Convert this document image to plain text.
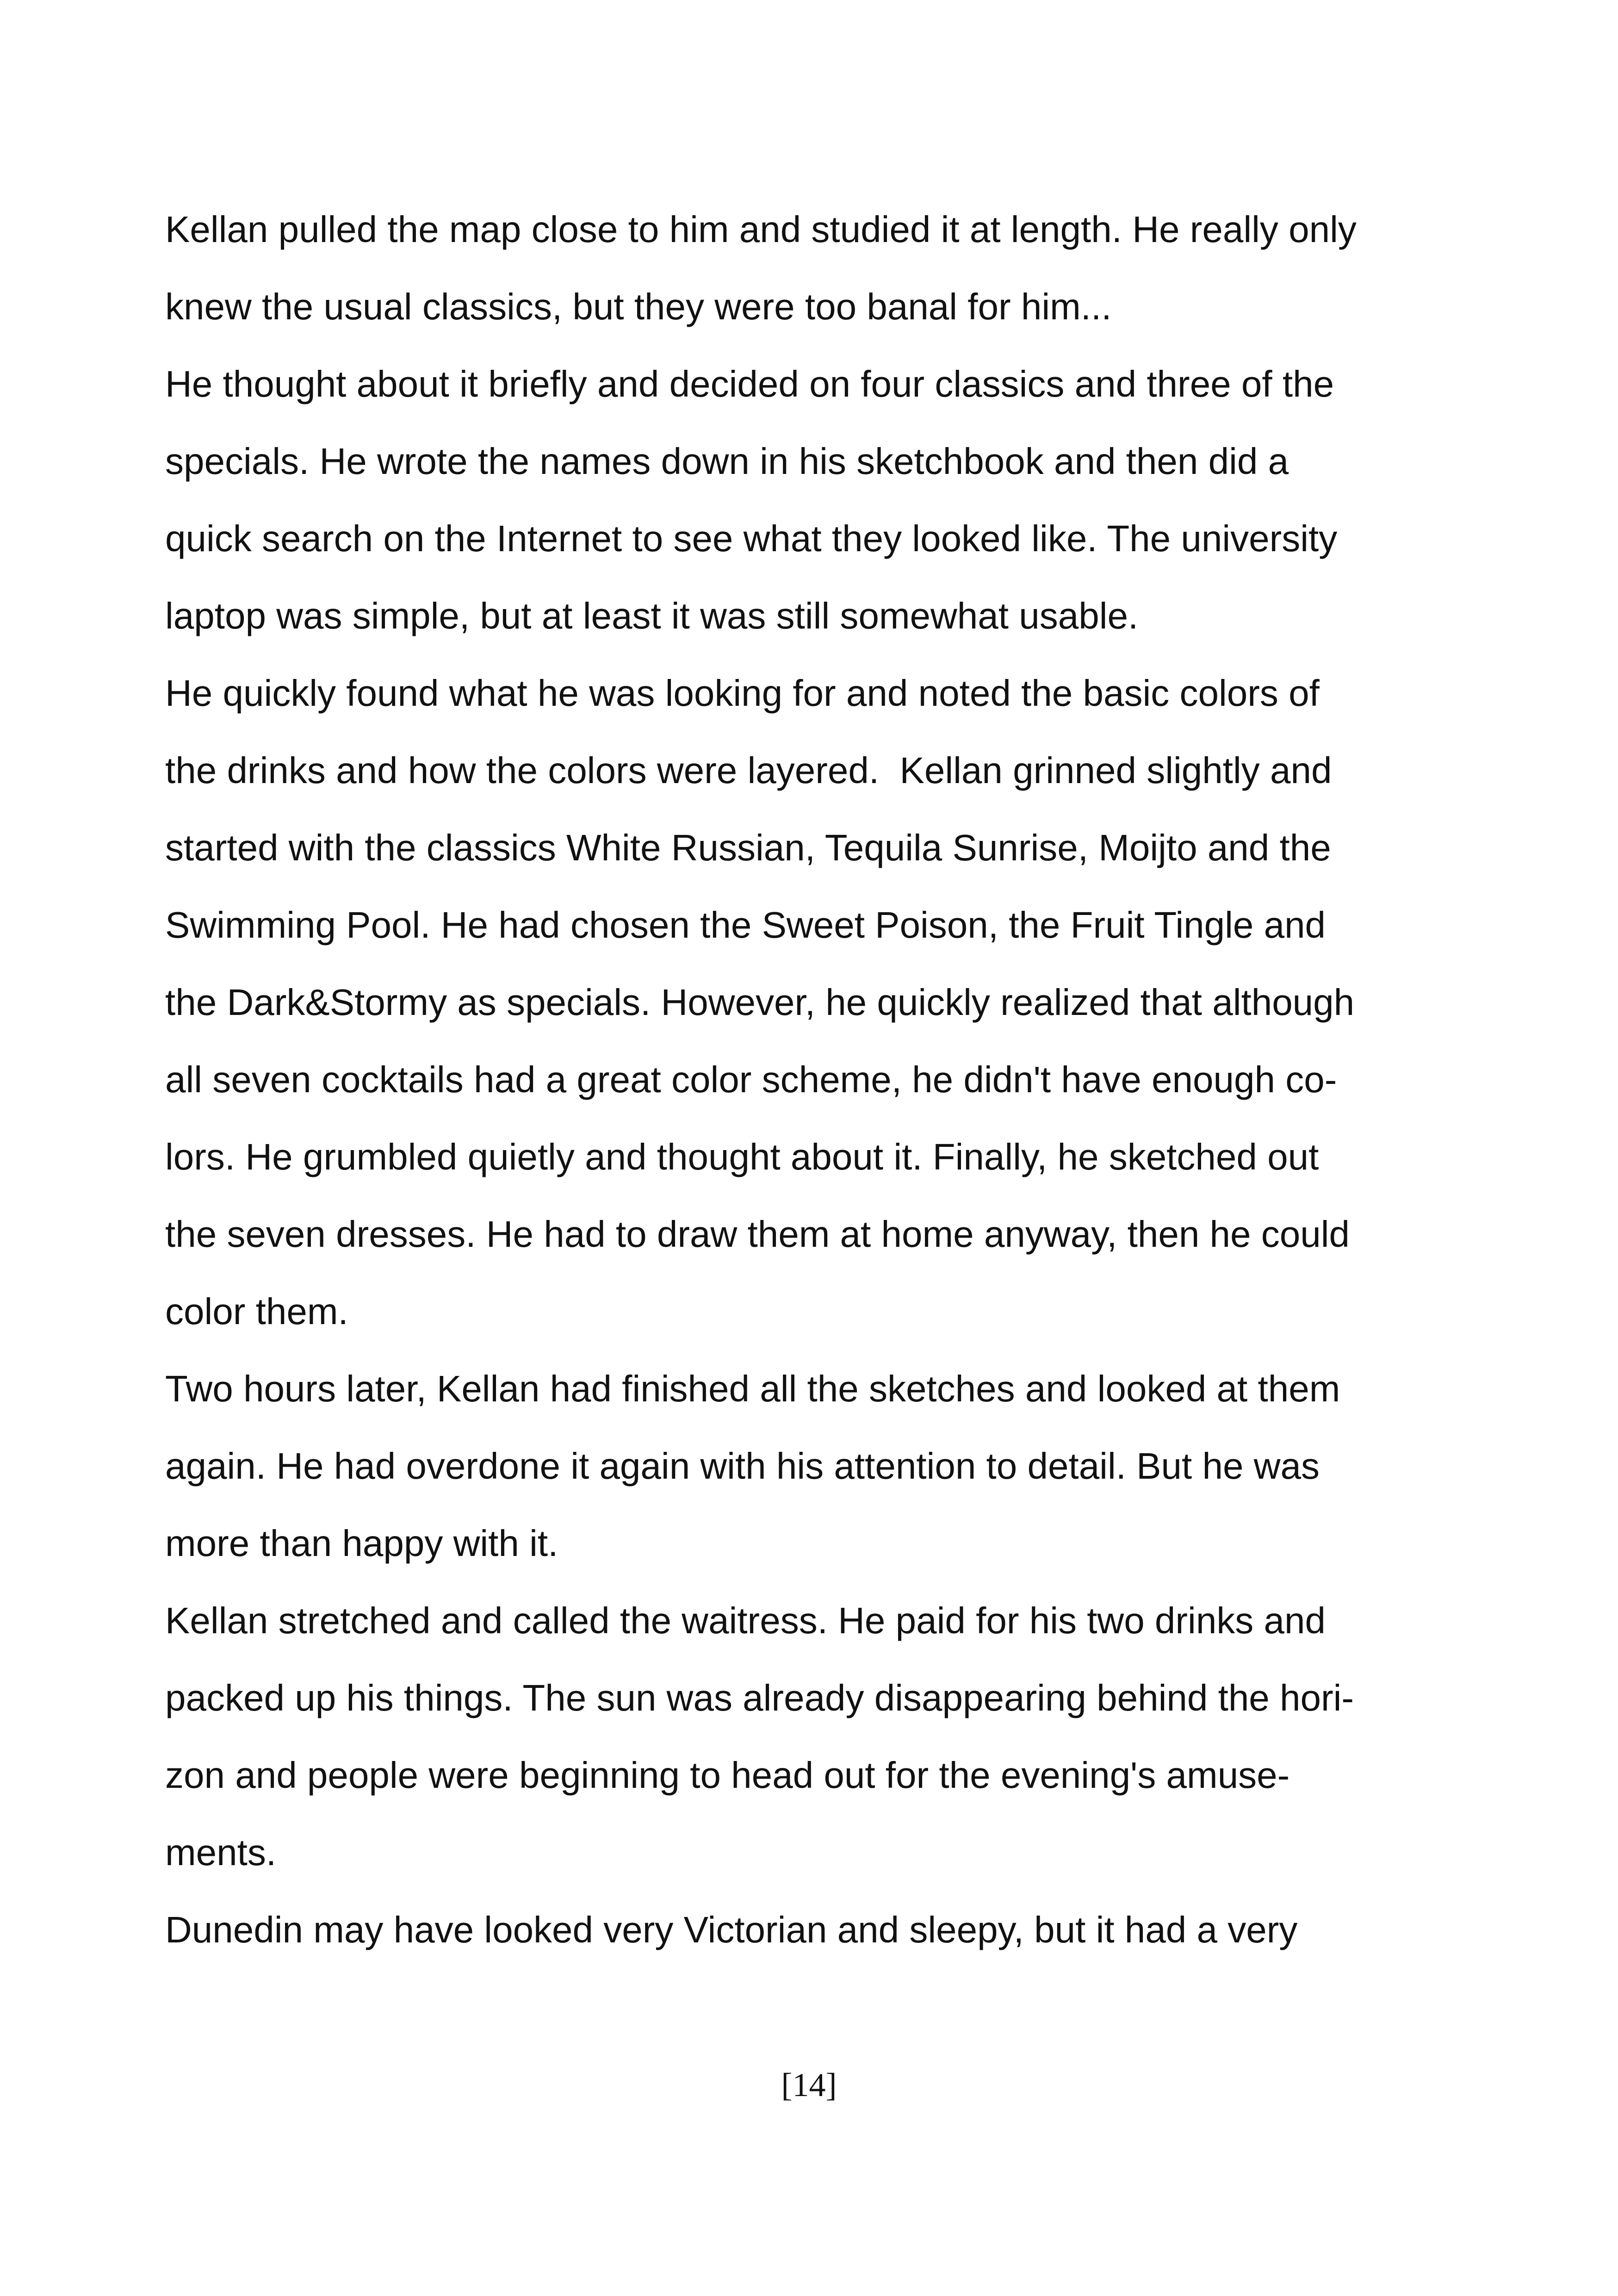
Kellan pulled the map close to him and studied it at length. He really only
knew the usual classics, but they were too banal for him...
He thought about it briefly and decided on four classics and three of the
specials. He wrote the names down in his sketchbook and then did a
quick search on the Internet to see what they looked like. The university
laptop was simple, but at least it was still somewhat usable.
He quickly found what he was looking for and noted the basic colors of
the drinks and how the colors were layered.  Kellan grinned slightly and
started with the classics White Russian, Tequila Sunrise, Moijto and the
Swimming Pool. He had chosen the Sweet Poison, the Fruit Tingle and
the Dark&Stormy as specials. However, he quickly realized that although
all seven cocktails had a great color scheme, he didn't have enough co-
lors. He grumbled quietly and thought about it. Finally, he sketched out
the seven dresses. He had to draw them at home anyway, then he could
color them.
Two hours later, Kellan had finished all the sketches and looked at them
again. He had overdone it again with his attention to detail. But he was
more than happy with it.
Kellan stretched and called the waitress. He paid for his two drinks and
packed up his things. The sun was already disappearing behind the hori-
zon and people were beginning to head out for the evening's amuse-
ments.
Dunedin may have looked very Victorian and sleepy, but it had a very
[14]
